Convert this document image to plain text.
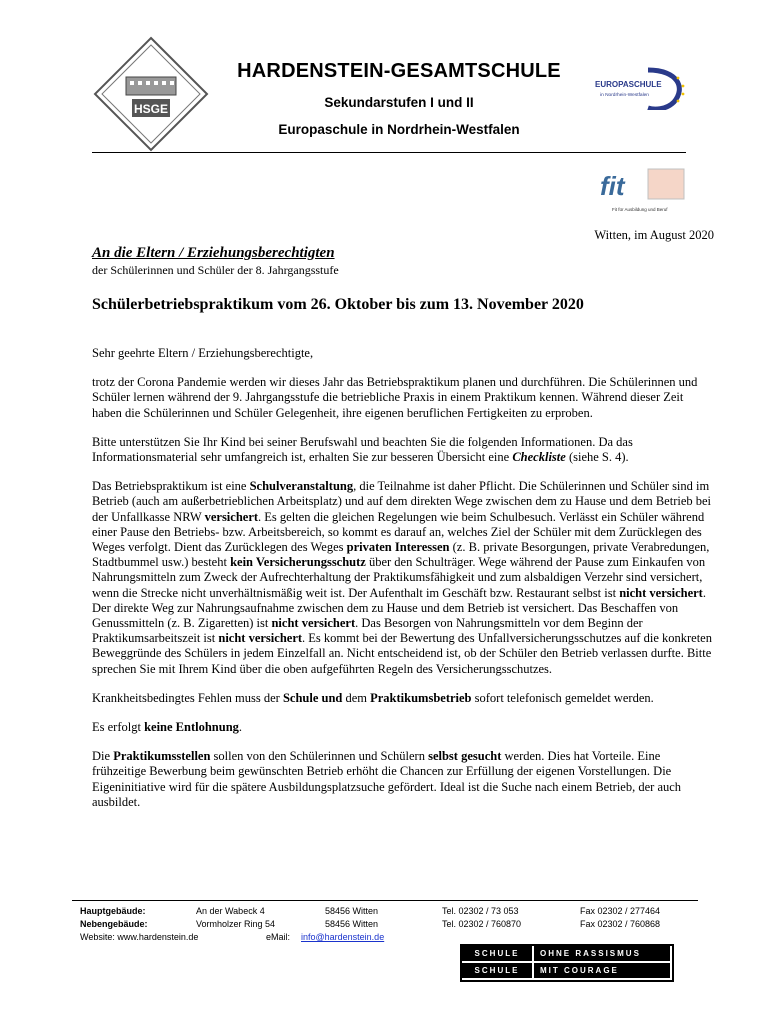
HSGE
HARDENSTEIN-GESAMTSCHULE
Sekundarstufen I und II
Europaschule in Nordrhein-Westfalen
EUROPASCHULE
in Nordrhein-Westfalen
fit
Fit für Ausbildung und Beruf
Witten, im August 2020
An die Eltern / Erziehungsberechtigten
der Schülerinnen und Schüler der 8. Jahrgangsstufe
Schülerbetriebspraktikum vom 26. Oktober bis zum 13. November 2020

Sehr geehrte Eltern / Erziehungsberechtigte,

trotz der Corona Pandemie werden wir dieses Jahr das Betriebspraktikum planen und durchführen. Die Schülerinnen und Schüler lernen während der 9. Jahrgangsstufe die betriebliche Praxis in einem Praktikum kennen. Während dieser Zeit haben die Schülerinnen und Schüler Gelegenheit, ihre eigenen beruflichen Fertigkeiten zu erproben.

Bitte unterstützen Sie Ihr Kind bei seiner Berufswahl und beachten Sie die folgenden Informationen. Da das Informationsmaterial sehr umfangreich ist, erhalten Sie zur besseren Übersicht eine Checkliste (siehe S. 4).

Das Betriebspraktikum ist eine Schulveranstaltung, die Teilnahme ist daher Pflicht. Die Schülerinnen und Schüler sind im Betrieb (auch am außerbetrieblichen Arbeitsplatz) und auf dem direkten Wege zwischen dem zu Hause und dem Betrieb bei der Unfallkasse NRW versichert. Es gelten die gleichen Regelungen wie beim Schulbesuch. Verlässt ein Schüler während einer Pause den Betriebs- bzw. Arbeitsbereich, so kommt es darauf an, welches Ziel der Schüler mit dem Zurücklegen des Weges verfolgt. Dient das Zurücklegen des Weges privaten Interessen (z. B. private Besorgungen, private Verabredungen, Stadtbummel usw.) besteht kein Versicherungsschutz über den Schulträger. Wege während der Pause zum Einkaufen von Nahrungsmitteln zum Zweck der Aufrechterhaltung der Praktikumsfähigkeit und zum alsbaldigen Verzehr sind versichert, wenn die Strecke nicht unverhältnismäßig weit ist. Der Aufenthalt im Geschäft bzw. Restaurant selbst ist nicht versichert. Der direkte Weg zur Nahrungsaufnahme zwischen dem zu Hause und dem Betrieb ist versichert. Das Beschaffen von Genussmitteln (z. B. Zigaretten) ist nicht versichert. Das Besorgen von Nahrungsmitteln vor dem Beginn der Praktikumsarbeitszeit ist nicht versichert. Es kommt bei der Bewertung des Unfallversicherungsschutzes auf die konkreten Beweggründe des Schülers in jedem Einzelfall an. Nicht entscheidend ist, ob der Schüler den Betrieb verlassen durfte. Bitte sprechen Sie mit Ihrem Kind über die oben aufgeführten Regeln des Versicherungsschutzes.

Krankheitsbedingtes Fehlen muss der Schule und dem Praktikumsbetrieb sofort telefonisch gemeldet werden.

Es erfolgt keine Entlohnung.

Die Praktikumsstellen sollen von den Schülerinnen und Schülern selbst gesucht werden. Dies hat Vorteile. Eine frühzeitige Bewerbung beim gewünschten Betrieb erhöht die Chancen zur Erfüllung der eigenen Vorstellungen. Die Eigeninitiative wird für die spätere Ausbildungsplatzsuche gefördert. Ideal ist die Suche nach einem Betrieb, der auch ausbildet.

Hauptgebäude:	An der Wabeck 4	58456 Witten	Tel. 02302 / 73 053	Fax 02302 / 277464
Nebengebäude:	Vormholzer Ring 54	58456 Witten	Tel. 02302 / 760870	Fax 02302 / 760868
Website: www.hardenstein.de	eMail: info@hardenstein.de
SCHULE	OHNE RASSISMUS
SCHULE	MIT COURAGE
